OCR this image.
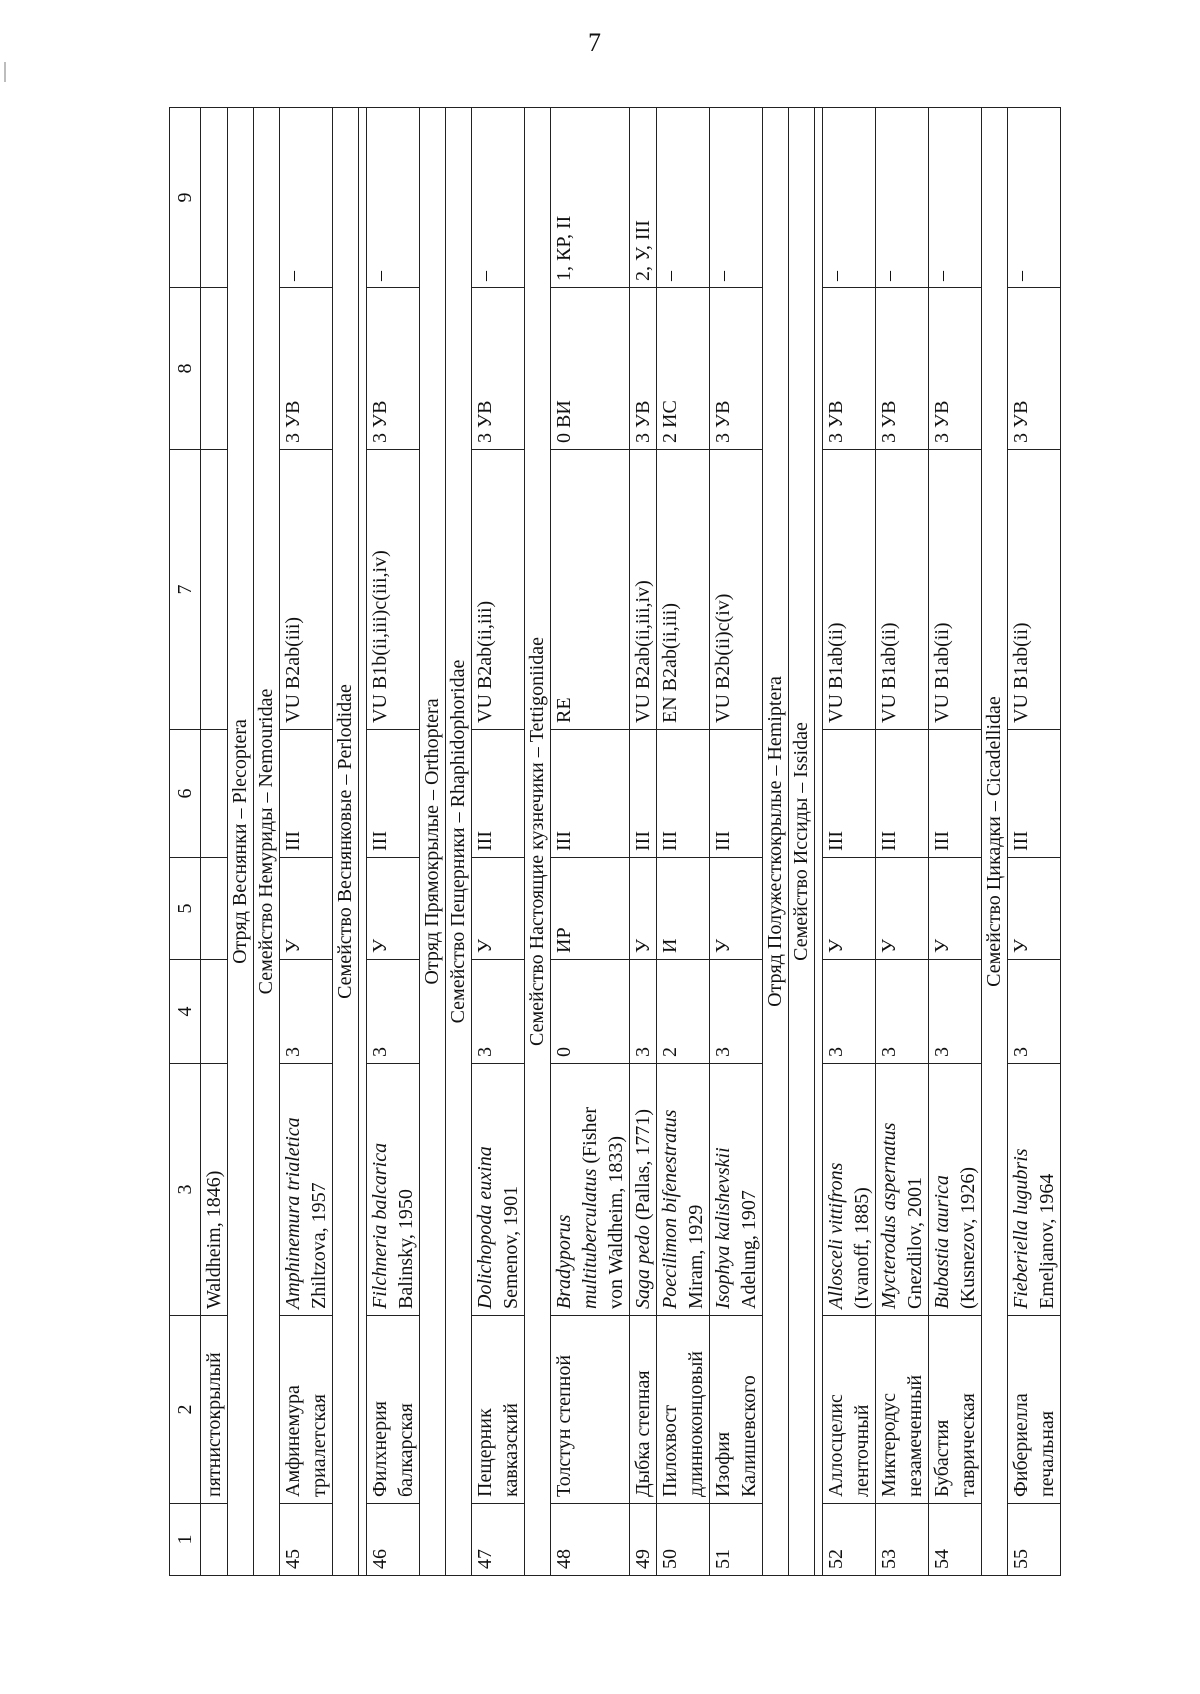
7
1	2	3	4	5	6	7	8	9
	пятнистокрылый	Waldheim, 1846)						
Отряд Веснянки – Plecoptera								
Семейство Немуриды – Nemouridae								
45	Амфинемура триалетская	Amphinemura trialetica Zhiltzova, 1957	3	У	III	VU B2ab(iii)	3 УВ	–
Семейство Веснянковые – Perlodidae								

46	Филхнерия балкарская	Filchneria balcarica Balinsky, 1950	3	У	III	VU B1b(ii,iii)c(iii,iv)	3 УВ	–
Отряд Прямокрылые – Orthoptera								
Семейство Пещерники – Rhaphidophoridae								
47	Пещерник кавказский	Dolichopoda euxina Semenov, 1901	3	У	III	VU B2ab(ii,iii)	3 УВ	–
Семейство Настоящие кузнечики – Tettigoniidae								
48	Толстун степной	Bradyporus multituberculatus (Fisher von Waldheim, 1833)	0	ИР	III	RE	0 ВИ	1, КР, II
49	Дыбка степная	Saga pedo (Pallas, 1771)	3	У	III	VU B2ab(ii,iii,iv)	3 УВ	2, У, III
50	Пилохвост длинноконцовый	Poecilimon bifenestratus Miram, 1929	2	И	III	EN B2ab(ii,iii)	2 ИС	–
51	Изофия Калишевского	Isophya kalishevskii Adelung, 1907	3	У	III	VU B2b(ii)c(iv)	3 УВ	–
Отряд Полужесткокрылые – Hemiptera								
Семейство Иссиды – Issidae								

52	Аллосцелис ленточный	Allosceli vittifrons (Ivanoff, 1885)	3	У	III	VU B1ab(ii)	3 УВ	–
53	Миктеродус незамеченный	Mycterodus aspernatus Gnezdilov, 2001	3	У	III	VU B1ab(ii)	3 УВ	–
54	Бубастия таврическая	Bubastia taurica (Kusnezov, 1926)	3	У	III	VU B1ab(ii)	3 УВ	–
Семейство Цикадки – Cicadellidae								
55	Фибериелла печальная	Fieberiella lugubris Emeljanov, 1964	3	У	III	VU B1ab(ii)	3 УВ	–
